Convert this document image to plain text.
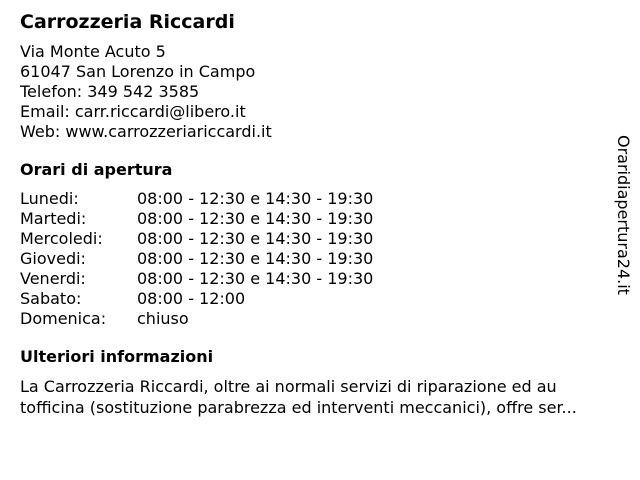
Carrozzeria Riccardi
Via Monte Acuto 5
61047 San Lorenzo in Campo
Telefon: 349 542 3585
Email: carr.riccardi@libero.it
Web: www.carrozzeriariccardi.it
Orari di apertura
Lunedi:	08:00 - 12:30 e 14:30 - 19:30
Martedi:	08:00 - 12:30 e 14:30 - 19:30
Mercoledi: 08:00 - 12:30 e 14:30 - 19:30
Giovedi:	08:00 - 12:30 e 14:30 - 19:30
Venerdi:	08:00 - 12:30 e 14:30 - 19:30
Sabato:	08:00 - 12:00
Domenica: chiuso
Ulteriori informazioni
La Carrozzeria Riccardi, oltre ai normali servizi di riparazione ed au
tofficina (sostituzione parabrezza ed interventi meccanici), offre ser...
Oraridiapertura24.it
